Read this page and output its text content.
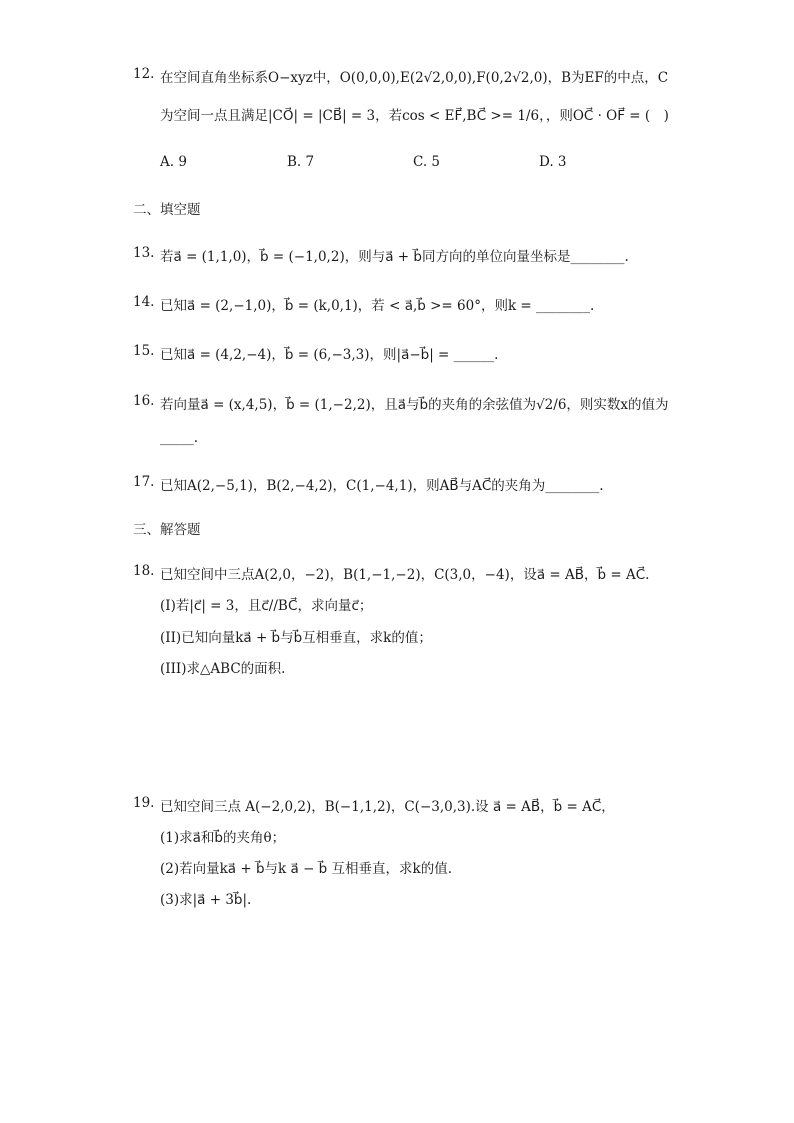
12. 在空间直角坐标系O−xyz中，O(0,0,0),E(2√2,0,0),F(0,2√2,0)，B为EF的中点，C
为空间一点且满足|CO⃗| = |CB⃗| = 3，若cos < EF⃗,BC⃗ >= 1/6，，则OC⃗ · OF⃗ = (　)
A. 9	B. 7	C. 5	D. 3
二、填空题
13. 若a⃗ = (1,1,0)，b⃗ = (−1,0,2)，则与a⃗ + b⃗同方向的单位向量坐标是________.
14. 已知a⃗ = (2,−1,0)，b⃗ = (k,0,1)，若 < a⃗,b⃗ >= 60°，则k = ________.
15. 已知a⃗ = (4,2,−4)，b⃗ = (6,−3,3)，则|a⃗−b⃗| = ______.
16. 若向量a⃗ = (x,4,5)，b⃗ = (1,−2,2)，且a⃗与b⃗的夹角的余弦值为√2/6，则实数x的值为
_____.
17. 已知A(2,−5,1)，B(2,−4,2)，C(1,−4,1)，则AB⃗与AC⃗的夹角为________.
三、解答题
18. 已知空间中三点A(2,0，−2)，B(1,−1,−2)，C(3,0，−4)，设a⃗ = AB⃗，b⃗ = AC⃗.
(I)若|c⃗| = 3，且c⃗//BC⃗，求向量c⃗；
(II)已知向量ka⃗ + b⃗与b⃗互相垂直，求k的值；
(III)求△ABC的面积.
19. 已知空间三点 A(−2,0,2)，B(−1,1,2)，C(−3,0,3).设 a⃗ = AB⃗，b⃗ = AC⃗，
(1)求a⃗和b⃗的夹角θ；
(2)若向量ka⃗ + b⃗与k a⃗ − b⃗ 互相垂直，求k的值.
(3)求|a⃗ + 3b⃗|.
